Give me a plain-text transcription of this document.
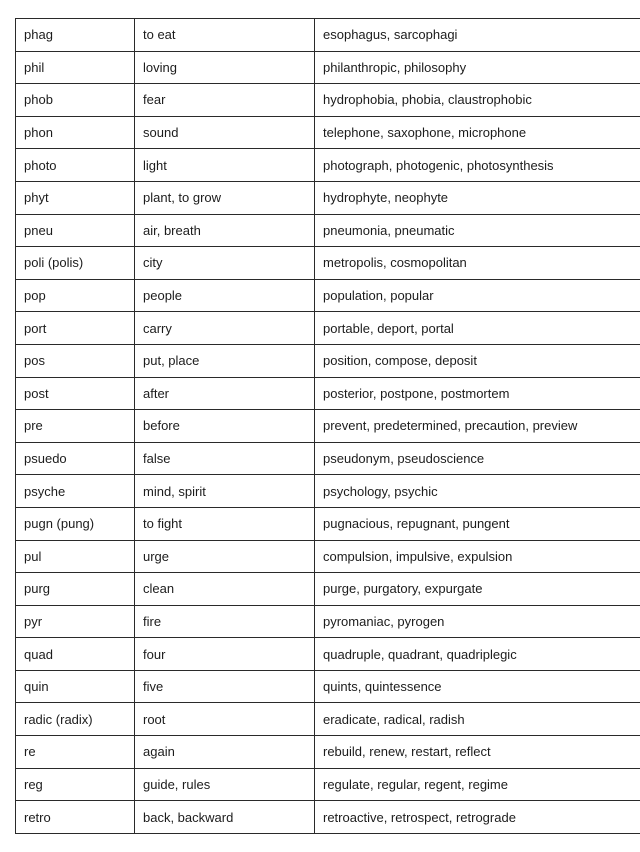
phag	to eat	esophagus, sarcophagi
phil	loving	philanthropic, philosophy
phob	fear	hydrophobia, phobia, claustrophobic
phon	sound	telephone, saxophone, microphone
photo	light	photograph, photogenic, photosynthesis
phyt	plant, to grow	hydrophyte, neophyte
pneu	air, breath	pneumonia, pneumatic
poli (polis)	city	metropolis, cosmopolitan
pop	people	population, popular
port	carry	portable, deport, portal
pos	put, place	position, compose, deposit
post	after	posterior, postpone, postmortem
pre	before	prevent, predetermined, precaution, preview
psuedo	false	pseudonym, pseudoscience
psyche	mind, spirit	psychology, psychic
pugn (pung)	to fight	pugnacious, repugnant, pungent
pul	urge	compulsion, impulsive, expulsion
purg	clean	purge, purgatory, expurgate
pyr	fire	pyromaniac, pyrogen
quad	four	quadruple, quadrant, quadriplegic
quin	five	quints, quintessence
radic (radix)	root	eradicate, radical, radish
re	again	rebuild, renew, restart, reflect
reg	guide, rules	regulate, regular, regent, regime
retro	back, backward	retroactive, retrospect, retrograde
